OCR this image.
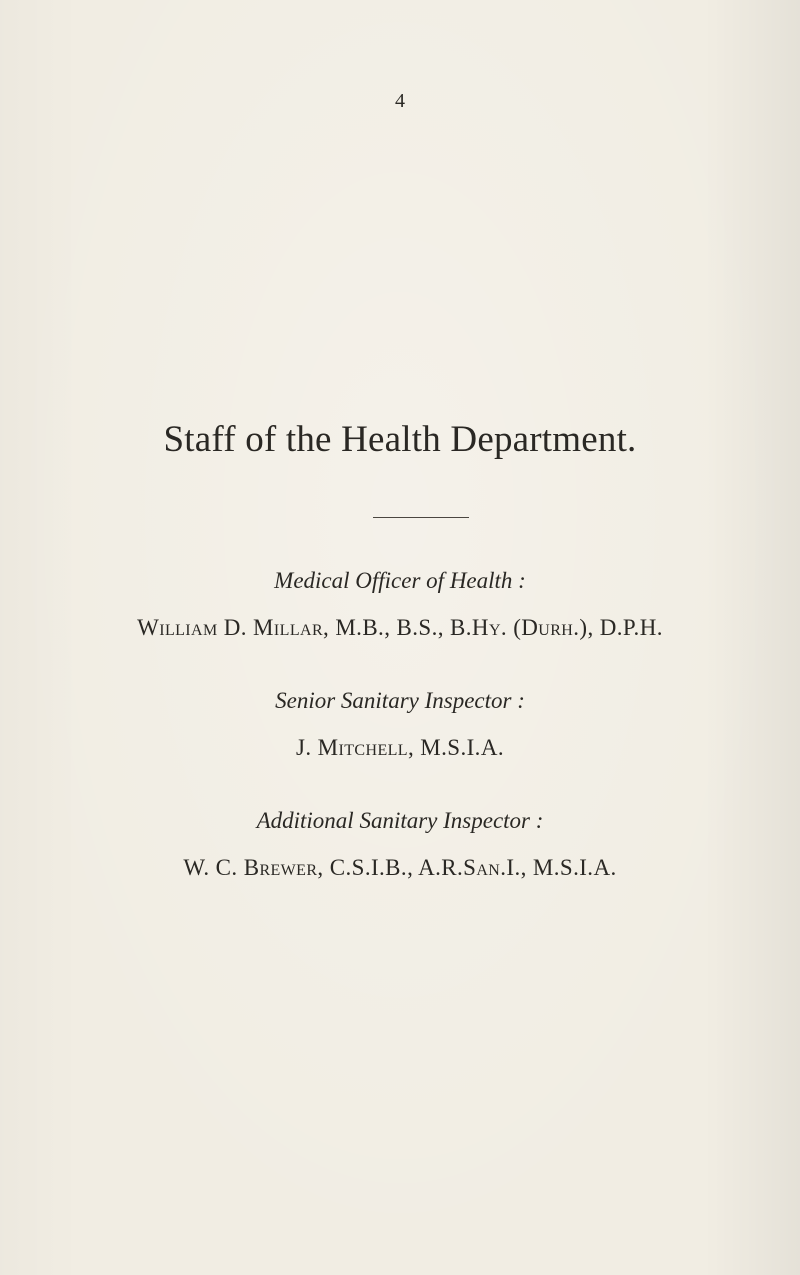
4
Staff of the Health Department.
Medical Officer of Health :
William D. Millar, M.B., B.S., B.Hy. (Durh.), D.P.H.
Senior Sanitary Inspector :
J. Mitchell, M.S.I.A.
Additional Sanitary Inspector :
W. C. Brewer, C.S.I.B., A.R.San.I., M.S.I.A.
